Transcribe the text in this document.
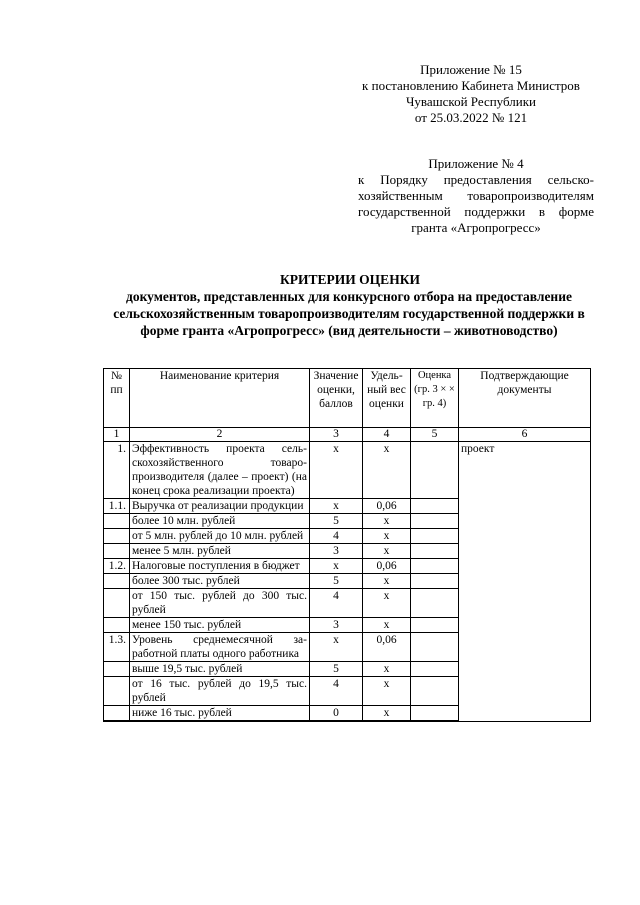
Приложение № 15
к постановлению Кабинета Министров
Чувашской Республики
от 25.03.2022 № 121
Приложение № 4
к Порядку предоставления сельскохозяйственным товаропроизводителям государственной поддержки в форме гранта «Агропрогресс»
КРИТЕРИИ ОЦЕНКИ
документов, представленных для конкурсного отбора на предоставление сельскохозяйственным товаропроизводителям государственной поддержки в форме гранта «Агропрогресс» (вид деятельности – животноводство)
№ пп	Наименование критерия	Значение оценки, баллов	Удельный вес оценки	Оценка (гр. 3 × × гр. 4)	Подтверждающие документы
1	2	3	4	5	6
1.	Эффективность проекта сельскохозяйственного товаропроизводителя (далее – проект) (на конец срока реализации проекта)	х	х		проект
1.1.	Выручка от реализации продукции	х	0,06		
	более 10 млн. рублей	5	х		
	от 5 млн. рублей до 10 млн. рублей	4	х		
	менее 5 млн. рублей	3	х		
1.2.	Налоговые поступления в бюджет	х	0,06		
	более 300 тыс. рублей	5	х		
	от 150 тыс. рублей до 300 тыс. рублей	4	х		
	менее 150 тыс. рублей	3	х		
1.3.	Уровень среднемесячной заработной платы одного работника	х	0,06		
	выше 19,5 тыс. рублей	5	х		
	от 16 тыс. рублей до 19,5 тыс. рублей	4	х		
	ниже 16 тыс. рублей	0	х		
